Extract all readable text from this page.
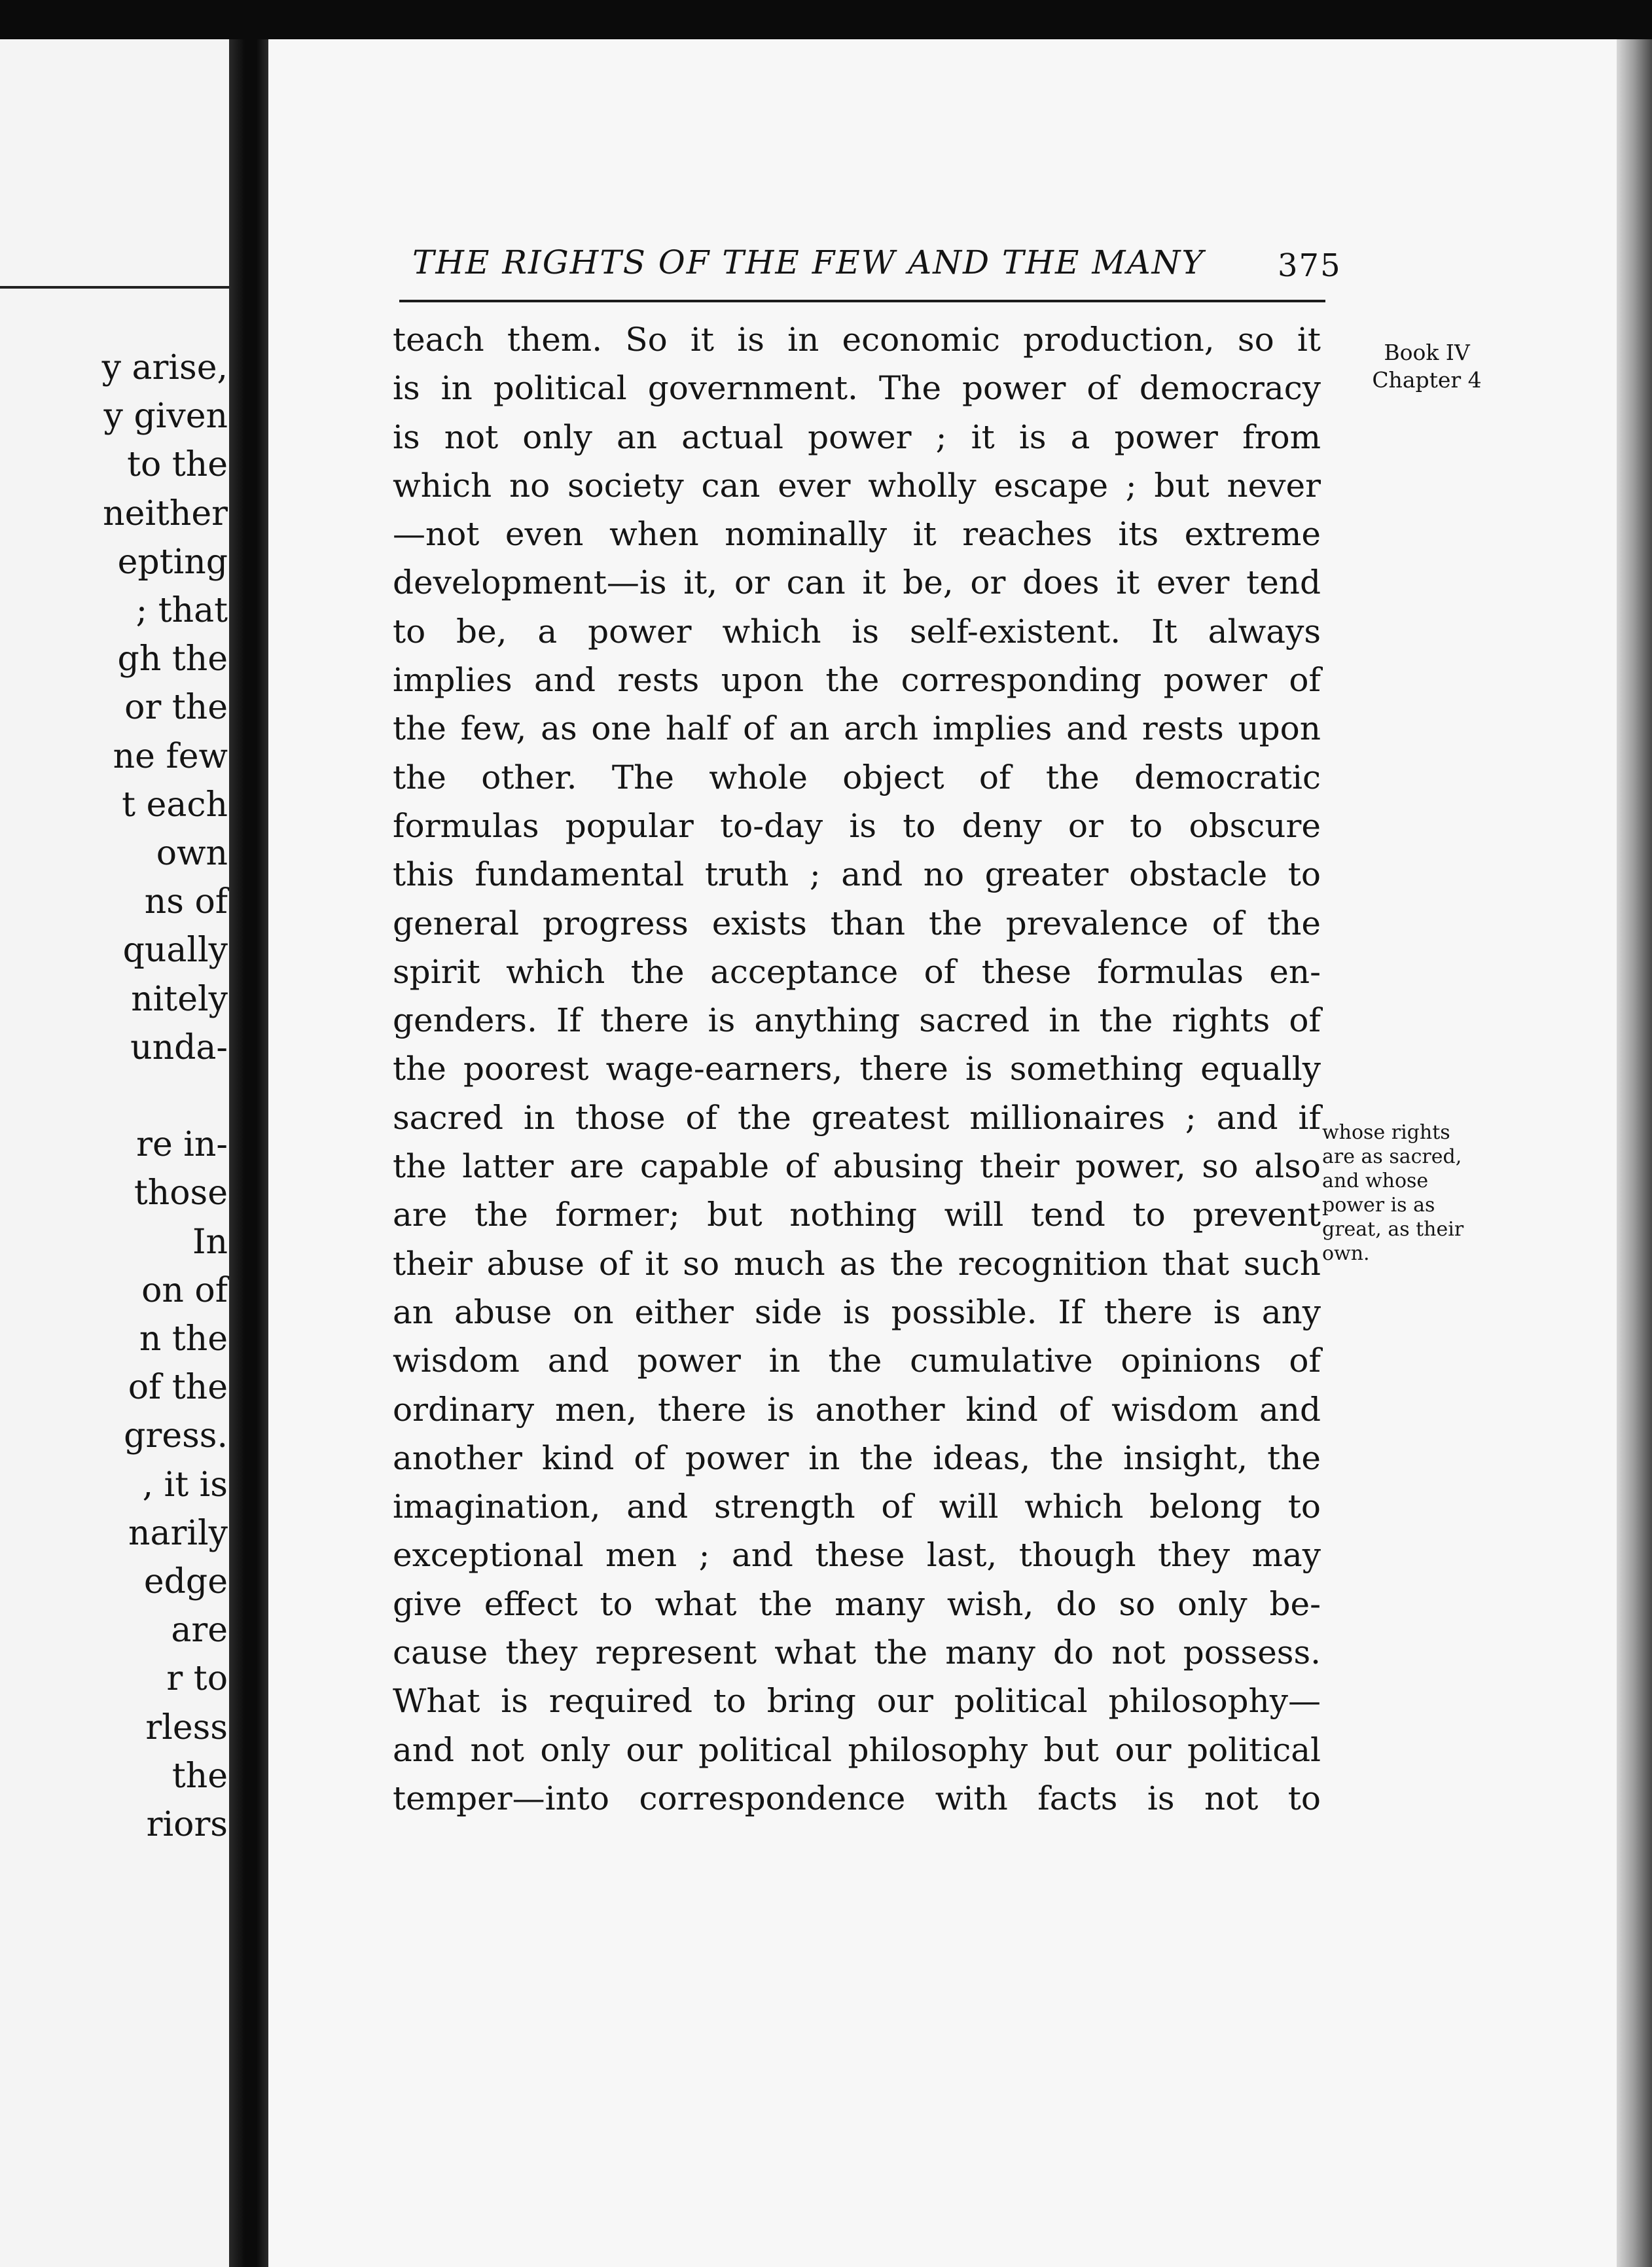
y arise,
y given
to the
neither
epting
; that
gh the
or the
ne few
t each
own
ns of
qually
nitely
unda-

re in-
those
In
on of
n the
of the
gress.
, it is
narily
edge
are
r to
rless
the
riors
THE RIGHTS OF THE FEW AND THE MANY 375
teach them. So it is in economic production, so it
is in political government. The power of democracy
is not only an actual power ; it is a power from
which no society can ever wholly escape ; but never
—not even when nominally it reaches its extreme
development—is it, or can it be, or does it ever tend
to be, a power which is self-existent. It always
implies and rests upon the corresponding power of
the few, as one half of an arch implies and rests upon
the other. The whole object of the democratic
formulas popular to-day is to deny or to obscure
this fundamental truth ; and no greater obstacle to
general progress exists than the prevalence of the
spirit which the acceptance of these formulas en-
genders. If there is anything sacred in the rights of
the poorest wage-earners, there is something equally
sacred in those of the greatest millionaires ; and if
the latter are capable of abusing their power, so also
are the former; but nothing will tend to prevent
their abuse of it so much as the recognition that such
an abuse on either side is possible. If there is any
wisdom and power in the cumulative opinions of
ordinary men, there is another kind of wisdom and
another kind of power in the ideas, the insight, the
imagination, and strength of will which belong to
exceptional men ; and these last, though they may
give effect to what the many wish, do so only be-
cause they represent what the many do not possess.
What is required to bring our political philosophy—
and not only our political philosophy but our political
temper—into correspondence with facts is not to
Book IV
Chapter 4
whose rights
are as sacred,
and whose
power is as
great, as their
own.
